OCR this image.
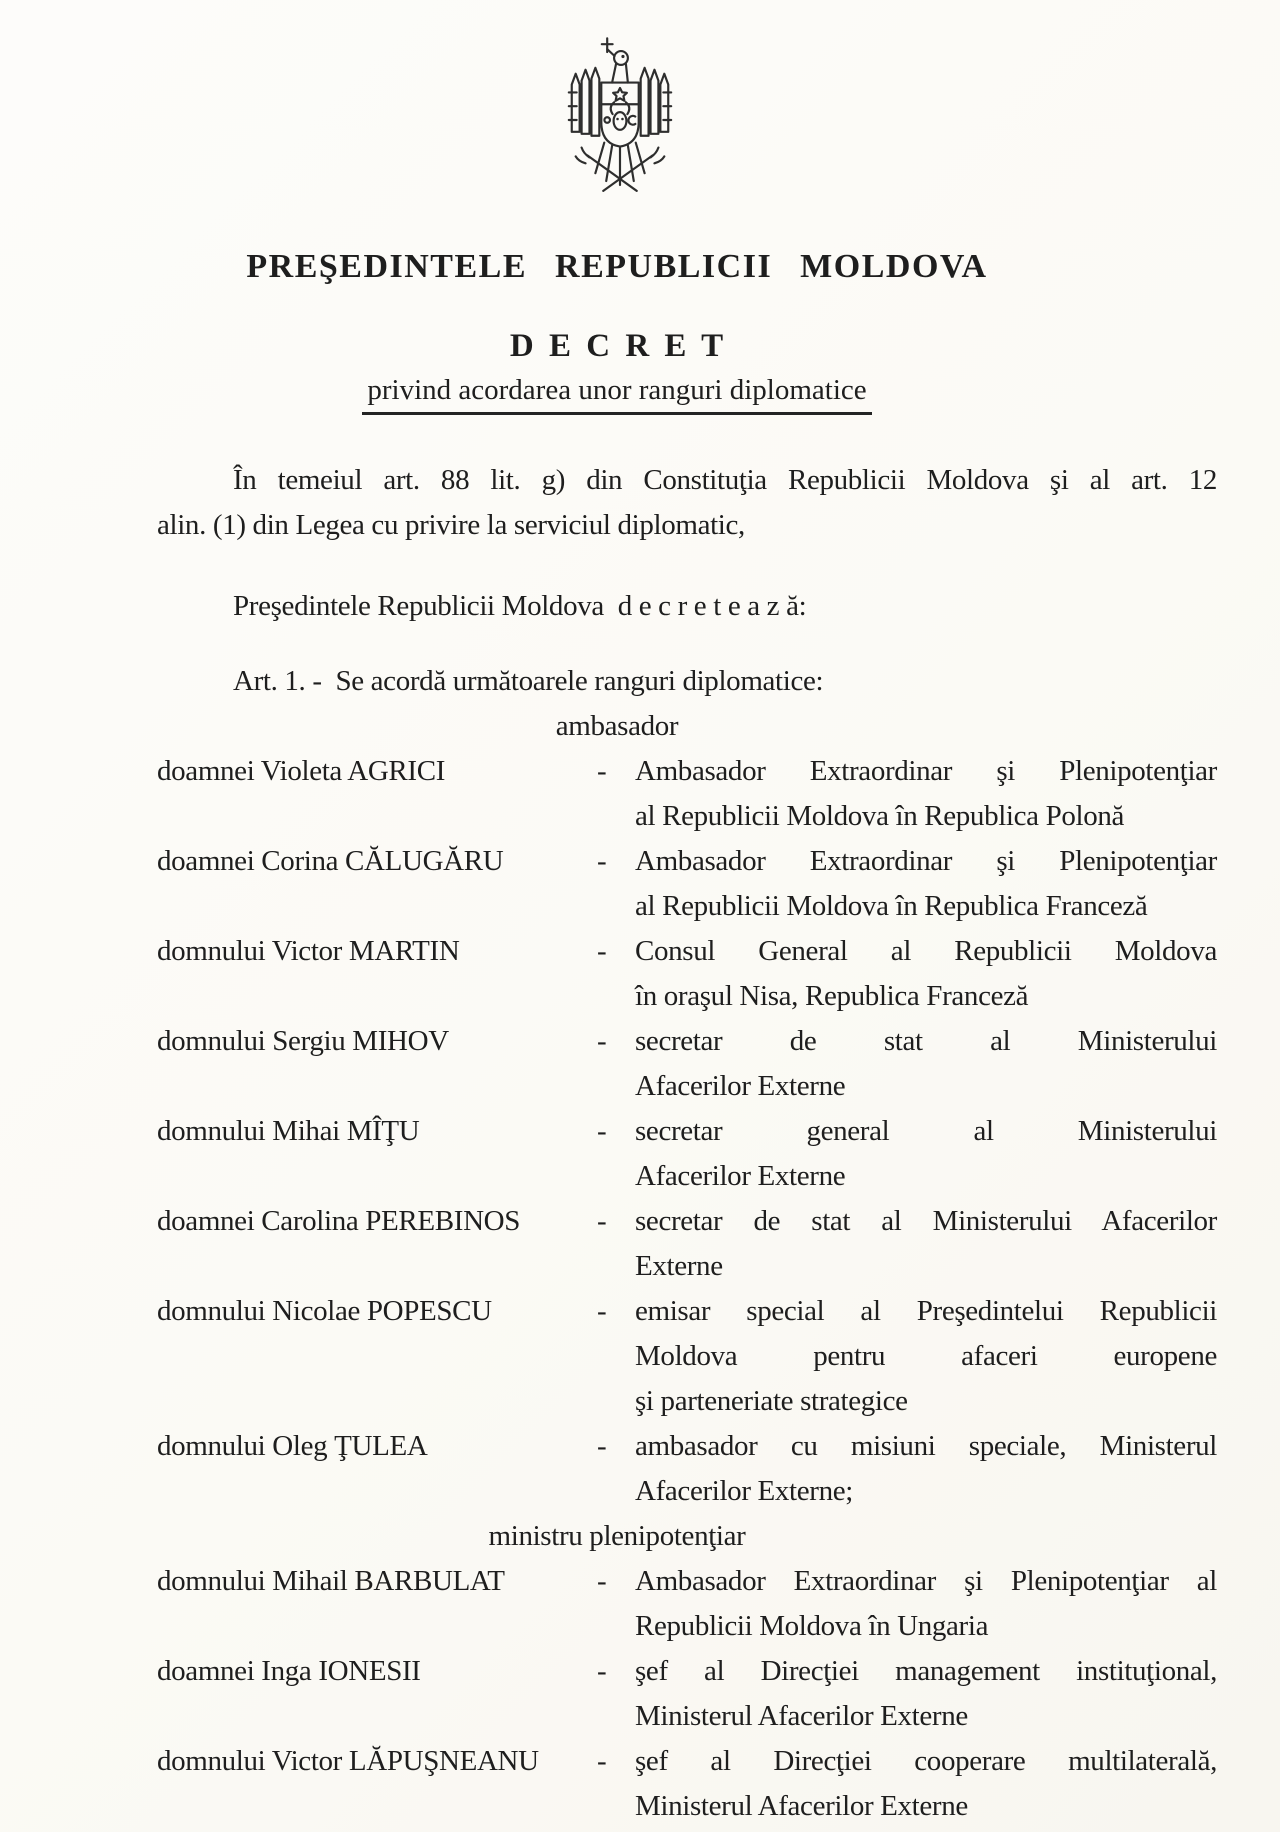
PREŞEDINTELE REPUBLICII MOLDOVA
D E C R E T
privind acordarea unor ranguri diplomatice
În temeiul art. 88 lit. g) din Constituţia Republicii Moldova şi al art. 12
alin. (1) din Legea cu privire la serviciul diplomatic,

Preşedintele Republicii Moldova  d e c r e t e a z ă:

Art. 1. -  Se acordă următoarele ranguri diplomatice:

ambasador
doamnei Violeta AGRICI	- Ambasador Extraordinar şi Plenipotenţiar
al Republicii Moldova în Republica Polonă
doamnei Corina CĂLUGĂRU	- Ambasador Extraordinar şi Plenipotenţiar
al Republicii Moldova în Republica Franceză
domnului Victor MARTIN	- Consul General al Republicii Moldova
în oraşul Nisa, Republica Franceză
domnului Sergiu MIHOV	- secretar de stat al Ministerului
Afacerilor Externe
domnului Mihai MÎŢU	- secretar general al Ministerului
Afacerilor Externe
doamnei Carolina PEREBINOS	- secretar de stat al Ministerului Afacerilor
Externe
domnului Nicolae POPESCU	- emisar special al Preşedintelui Republicii
Moldova pentru afaceri europene
şi parteneriate strategice
domnului Oleg ŢULEA	- ambasador cu misiuni speciale, Ministerul
Afacerilor Externe;
ministru plenipotenţiar
domnului Mihail BARBULAT	- Ambasador Extraordinar şi Plenipotenţiar al
Republicii Moldova în Ungaria
doamnei Inga IONESII	- şef al Direcţiei management instituţional,
Ministerul Afacerilor Externe
domnului Victor LĂPUŞNEANU	- şef al Direcţiei cooperare multilaterală,
Ministerul Afacerilor Externe
